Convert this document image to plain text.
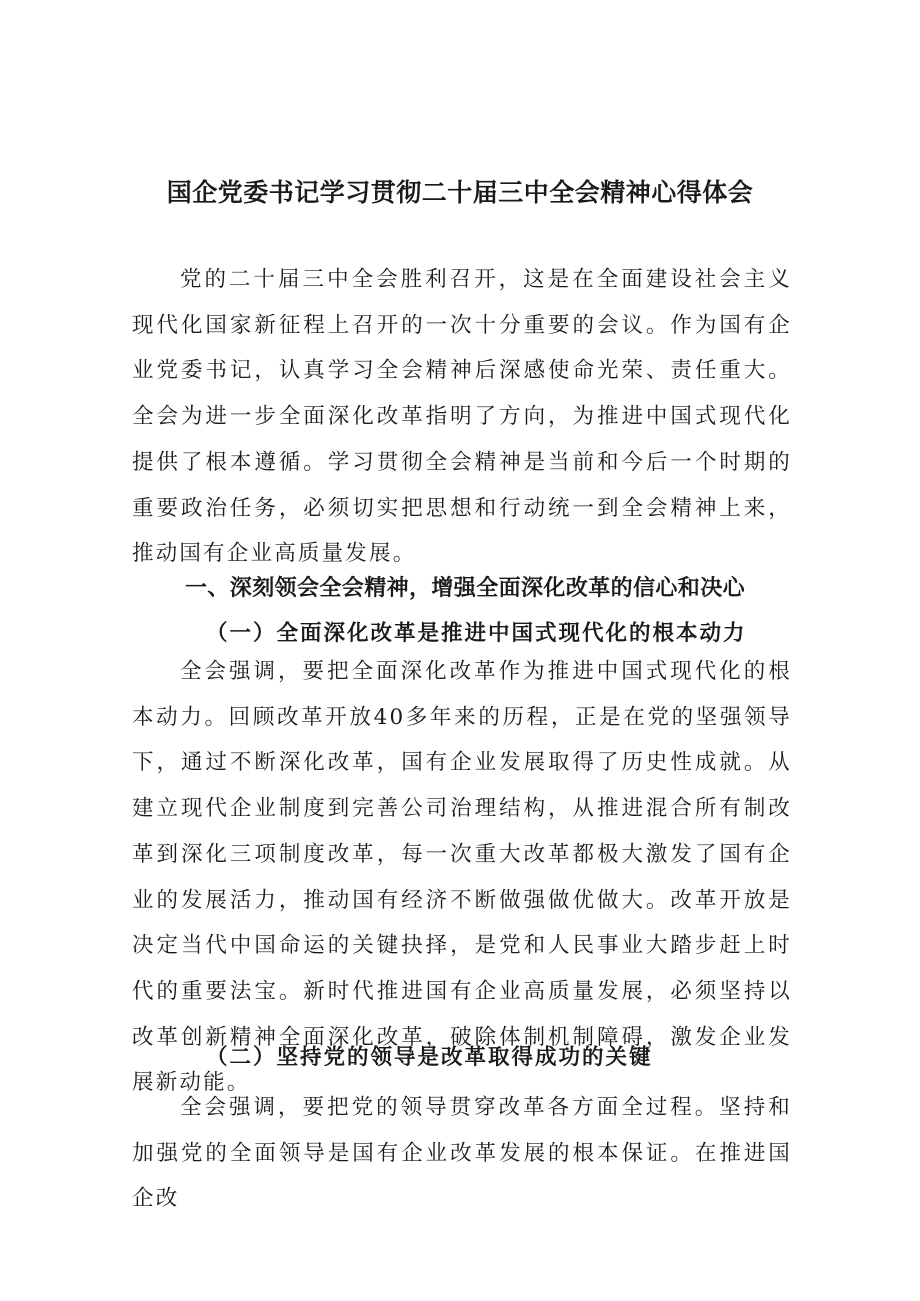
国企党委书记学习贯彻二十届三中全会精神心得体会

党的二十届三中全会胜利召开，这是在全面建设社会主义现代化国家新征程上召开的一次十分重要的会议。作为国有企业党委书记，认真学习全会精神后深感使命光荣、责任重大。全会为进一步全面深化改革指明了方向，为推进中国式现代化提供了根本遵循。学习贯彻全会精神是当前和今后一个时期的重要政治任务，必须切实把思想和行动统一到全会精神上来，推动国有企业高质量发展。

一、深刻领会全会精神，增强全面深化改革的信心和决心
（一）全面深化改革是推进中国式现代化的根本动力

全会强调，要把全面深化改革作为推进中国式现代化的根本动力。回顾改革开放40多年来的历程，正是在党的坚强领导下，通过不断深化改革，国有企业发展取得了历史性成就。从建立现代企业制度到完善公司治理结构，从推进混合所有制改革到深化三项制度改革，每一次重大改革都极大激发了国有企业的发展活力，推动国有经济不断做强做优做大。改革开放是决定当代中国命运的关键抉择，是党和人民事业大踏步赶上时代的重要法宝。新时代推进国有企业高质量发展，必须坚持以改革创新精神全面深化改革，破除体制机制障碍，激发企业发展新动能。

（二）坚持党的领导是改革取得成功的关键

全会强调，要把党的领导贯穿改革各方面全过程。坚持和加强党的全面领导是国有企业改革发展的根本保证。在推进国企改
